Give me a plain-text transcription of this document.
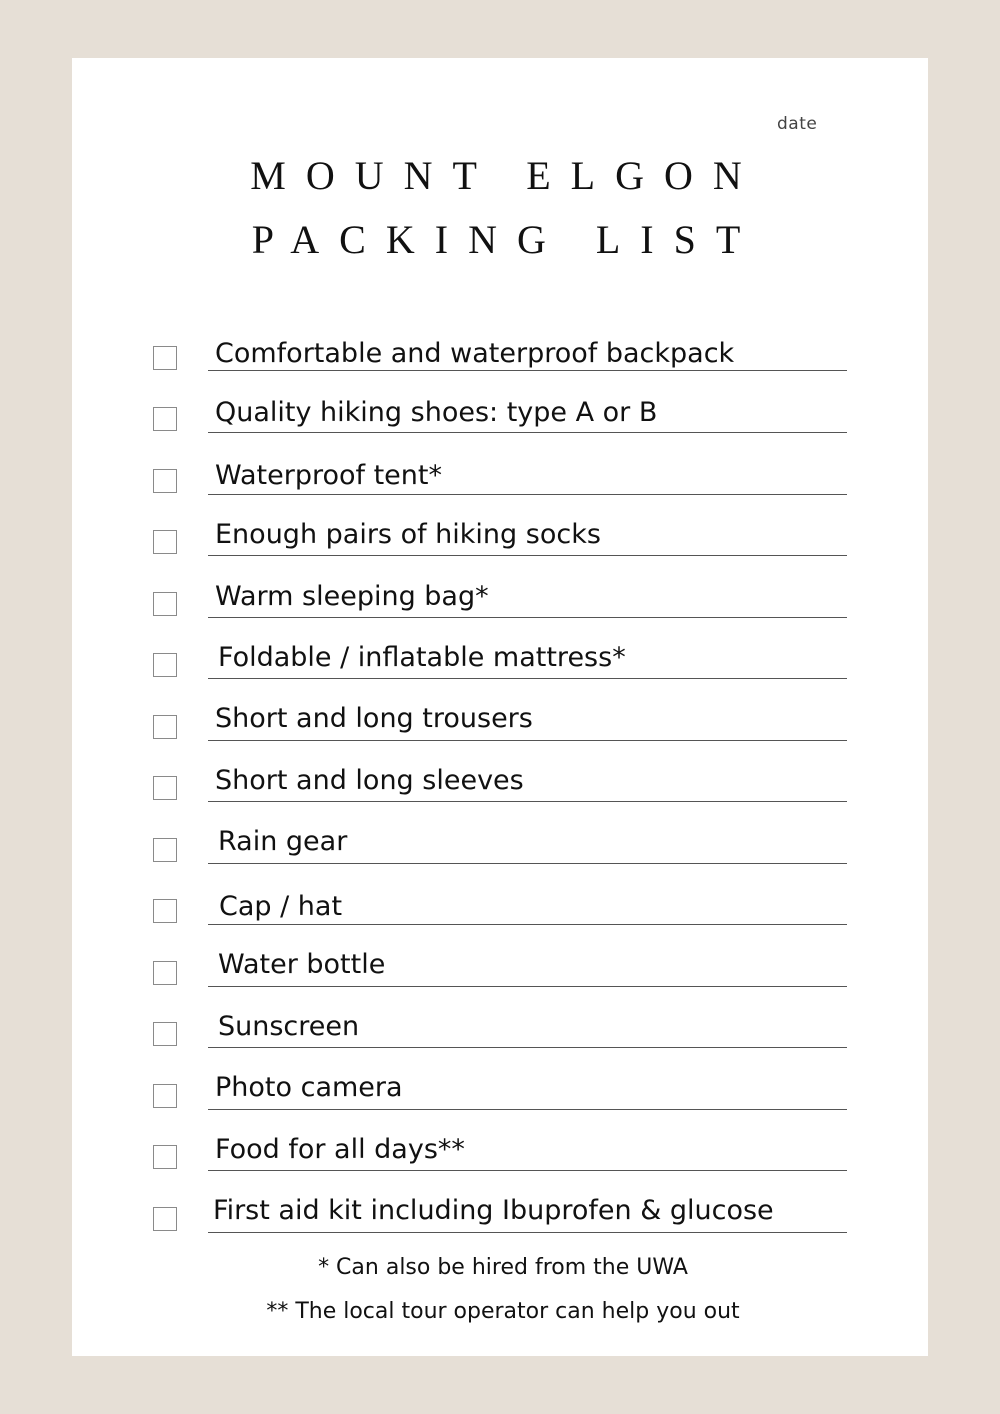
date
MOUNT ELGON
PACKING LIST
Comfortable and waterproof backpack
Quality hiking shoes: type A or B
Waterproof tent*
Enough pairs of hiking socks
Warm sleeping bag*
Foldable / inflatable mattress*
Short and long trousers
Short and long sleeves
Rain gear
Cap / hat
Water bottle
Sunscreen
Photo camera
Food for all days**
First aid kit including Ibuprofen & glucose
* Can also be hired from the UWA
** The local tour operator can help you out
